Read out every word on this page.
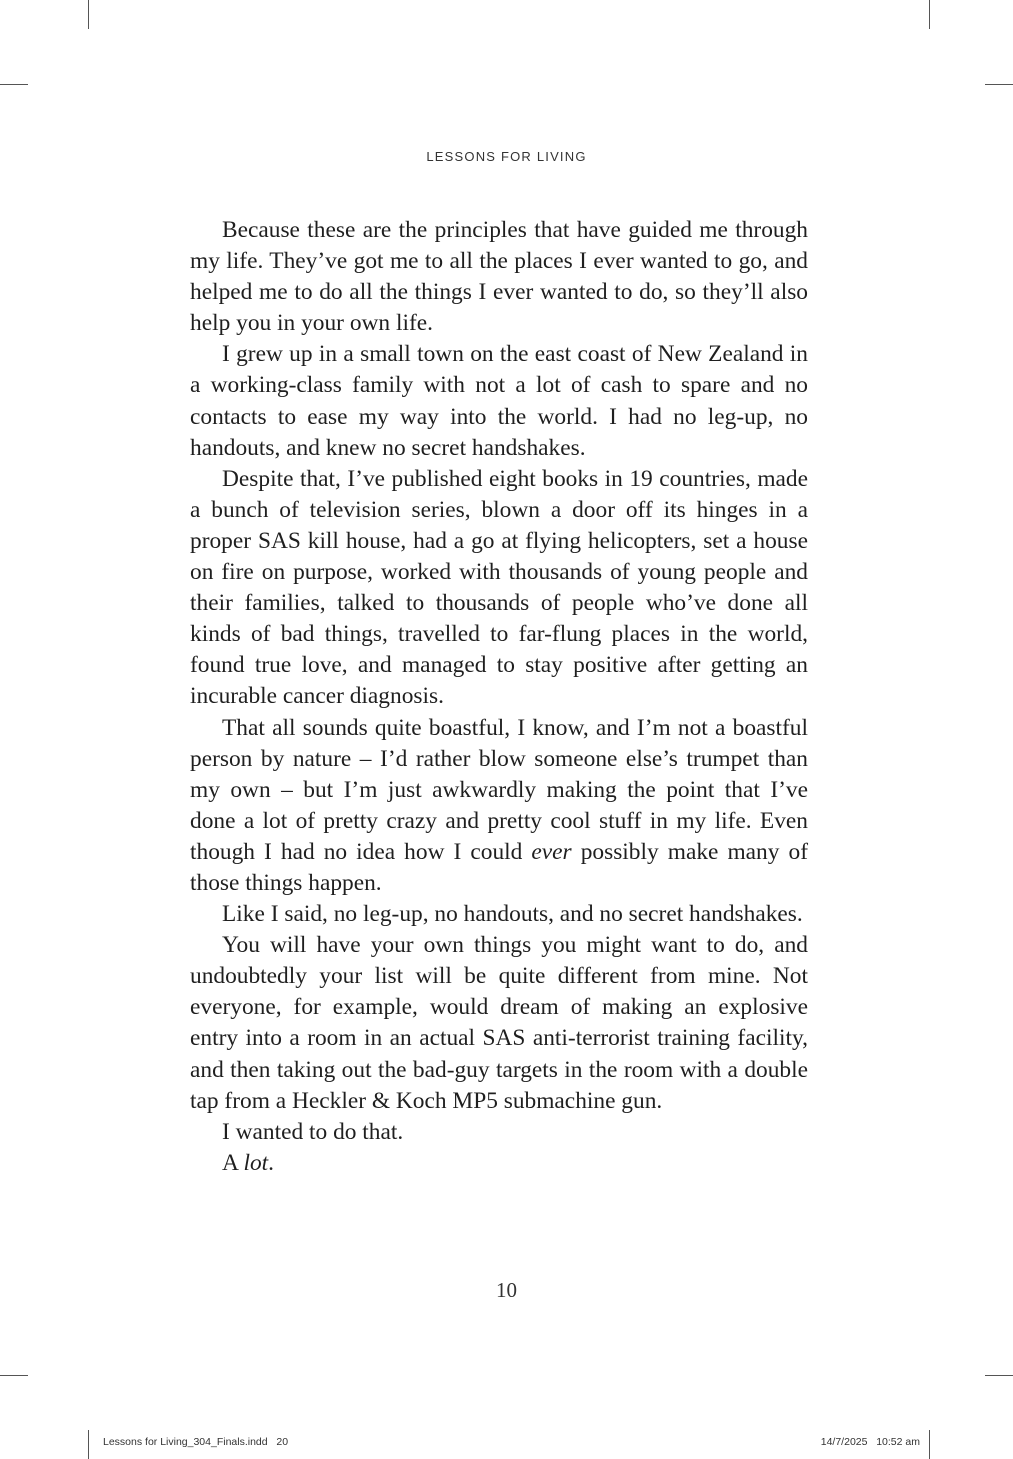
LESSONS FOR LIVING

Because these are the principles that have guided me through my life. They’ve got me to all the places I ever wanted to go, and helped me to do all the things I ever wanted to do, so they’ll also help you in your own life.

I grew up in a small town on the east coast of New Zealand in a working-class family with not a lot of cash to spare and no contacts to ease my way into the world. I had no leg-up, no handouts, and knew no secret handshakes.

Despite that, I’ve published eight books in 19 countries, made a bunch of television series, blown a door off its hinges in a proper SAS kill house, had a go at flying helicopters, set a house on fire on purpose, worked with thousands of young people and their families, talked to thousands of people who’ve done all kinds of bad things, travelled to far-flung places in the world, found true love, and managed to stay positive after getting an incurable cancer diagnosis.

That all sounds quite boastful, I know, and I’m not a boastful person by nature – I’d rather blow someone else’s trumpet than my own – but I’m just awkwardly making the point that I’ve done a lot of pretty crazy and pretty cool stuff in my life. Even though I had no idea how I could ever possibly make many of those things happen.

Like I said, no leg-up, no handouts, and no secret handshakes.

You will have your own things you might want to do, and undoubtedly your list will be quite different from mine. Not everyone, for example, would dream of making an explosive entry into a room in an actual SAS anti-terrorist training facility, and then taking out the bad-guy targets in the room with a double tap from a Heckler & Koch MP5 submachine gun.

I wanted to do that.

A lot.

10
Lessons for Living_304_Finals.indd   20	14/7/2025   10:52 am
